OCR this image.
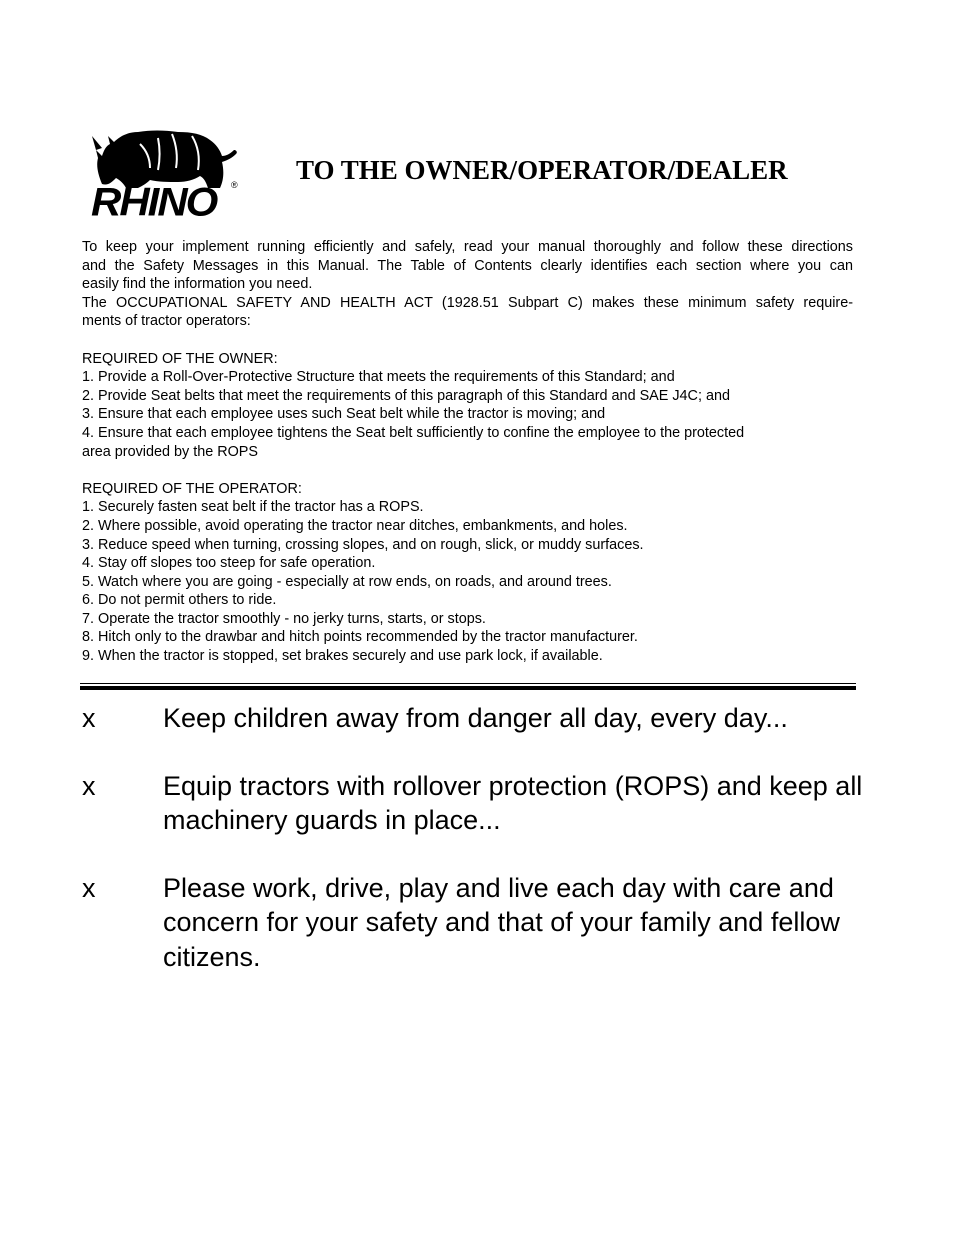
RHINO	® TO THE OWNER/OPERATOR/DEALER

To keep your implement running efficiently and safely, read your manual thoroughly and follow these directions

and the Safety Messages in this Manual. The Table of Contents clearly identifies each section where you can

easily find the information you need.

The OCCUPATIONAL SAFETY AND HEALTH ACT (1928.51 Subpart C) makes these minimum safety require-

ments of tractor operators:

REQUIRED OF THE OWNER:

1. Provide a Roll-Over-Protective Structure that meets the requirements of this Standard; and

2. Provide Seat belts that meet the requirements of this paragraph of this Standard and SAE J4C; and

3. Ensure that each employee uses such Seat belt while the tractor is moving; and

4. Ensure that each employee tightens the Seat belt sufficiently to confine the employee to the protected

area provided by the ROPS

REQUIRED OF THE OPERATOR:

1. Securely fasten seat belt if the tractor has a ROPS.

2. Where possible, avoid operating the tractor near ditches, embankments, and holes.

3. Reduce speed when turning, crossing slopes, and on rough, slick, or muddy surfaces.

4. Stay off slopes too steep for safe operation.

5. Watch where you are going - especially at row ends, on roads, and around trees.

6. Do not permit others to ride.

7. Operate the tractor smoothly - no jerky turns, starts, or stops.

8. Hitch only to the drawbar and hitch points recommended by the tractor manufacturer.

9. When the tractor is stopped, set brakes securely and use park lock, if available.

x	Keep children away from danger all day, every day...
x	Equip tractors with rollover protection (ROPS) and keep all machinery guards in place...
x	Please work, drive, play and live each day with care and concern for your safety and that of your family and fellow citizens.
